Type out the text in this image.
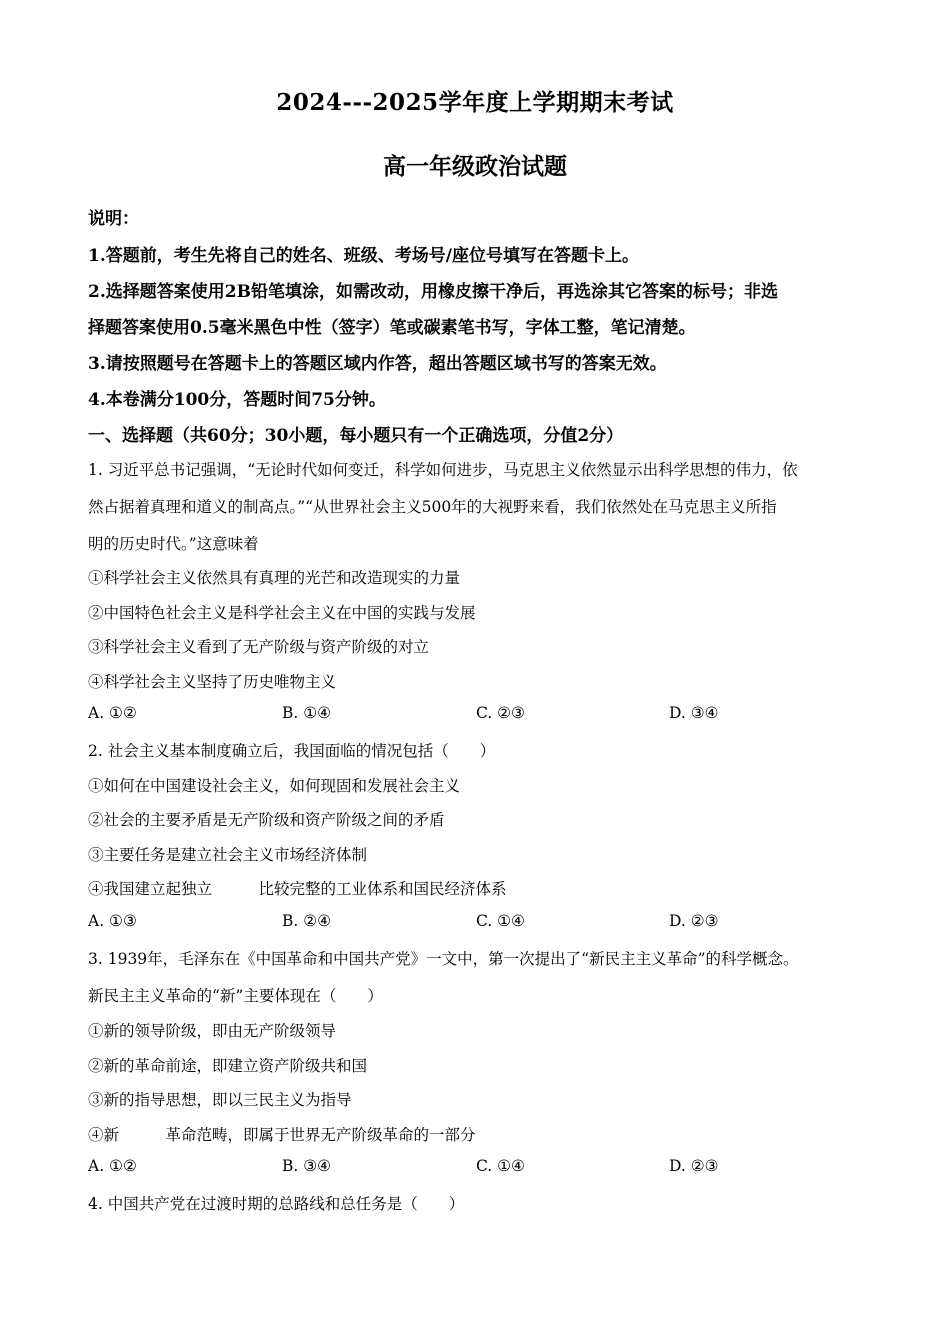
2024---2025学年度上学期期末考试
高一年级政治试题
说明：
1.答题前，考生先将自己的姓名、班级、考场号/座位号填写在答题卡上。
2.选择题答案使用2B铅笔填涂，如需改动，用橡皮擦干净后，再选涂其它答案的标号；非选
择题答案使用0.5毫米黑色中性（签字）笔或碳素笔书写，字体工整，笔记清楚。
3.请按照题号在答题卡上的答题区域内作答，超出答题区域书写的答案无效。
4.本卷满分100分，答题时间75分钟。
一、选择题（共60分；30小题，每小题只有一个正确选项，分值2分）
1. 习近平总书记强调，“无论时代如何变迁，科学如何进步，马克思主义依然显示出科学思想的伟力，依
然占据着真理和道义的制高点。”“从世界社会主义500年的大视野来看，我们依然处在马克思主义所指
明的历史时代。”这意味着
①科学社会主义依然具有真理的光芒和改造现实的力量
②中国特色社会主义是科学社会主义在中国的实践与发展
③科学社会主义看到了无产阶级与资产阶级的对立
④科学社会主义坚持了历史唯物主义
A. ①②	B. ①④	C. ②③	D. ③④
2. 社会主义基本制度确立后，我国面临的情况包括（　　）
①如何在中国建设社会主义，如何现固和发展社会主义
②社会的主要矛盾是无产阶级和资产阶级之间的矛盾
③主要任务是建立社会主义市场经济体制
④我国建立起独立　　　比较完整的工业体系和国民经济体系
A. ①③	B. ②④	C. ①④	D. ②③
3. 1939年，毛泽东在《中国革命和中国共产党》一文中，第一次提出了“新民主主义革命”的科学概念。
新民主主义革命的“新”主要体现在（　　）
①新的领导阶级，即由无产阶级领导
②新的革命前途，即建立资产阶级共和国
③新的指导思想，即以三民主义为指导
④新　　　革命范畴，即属于世界无产阶级革命的一部分
A. ①②	B. ③④	C. ①④	D. ②③
4. 中国共产党在过渡时期的总路线和总任务是（　　）
